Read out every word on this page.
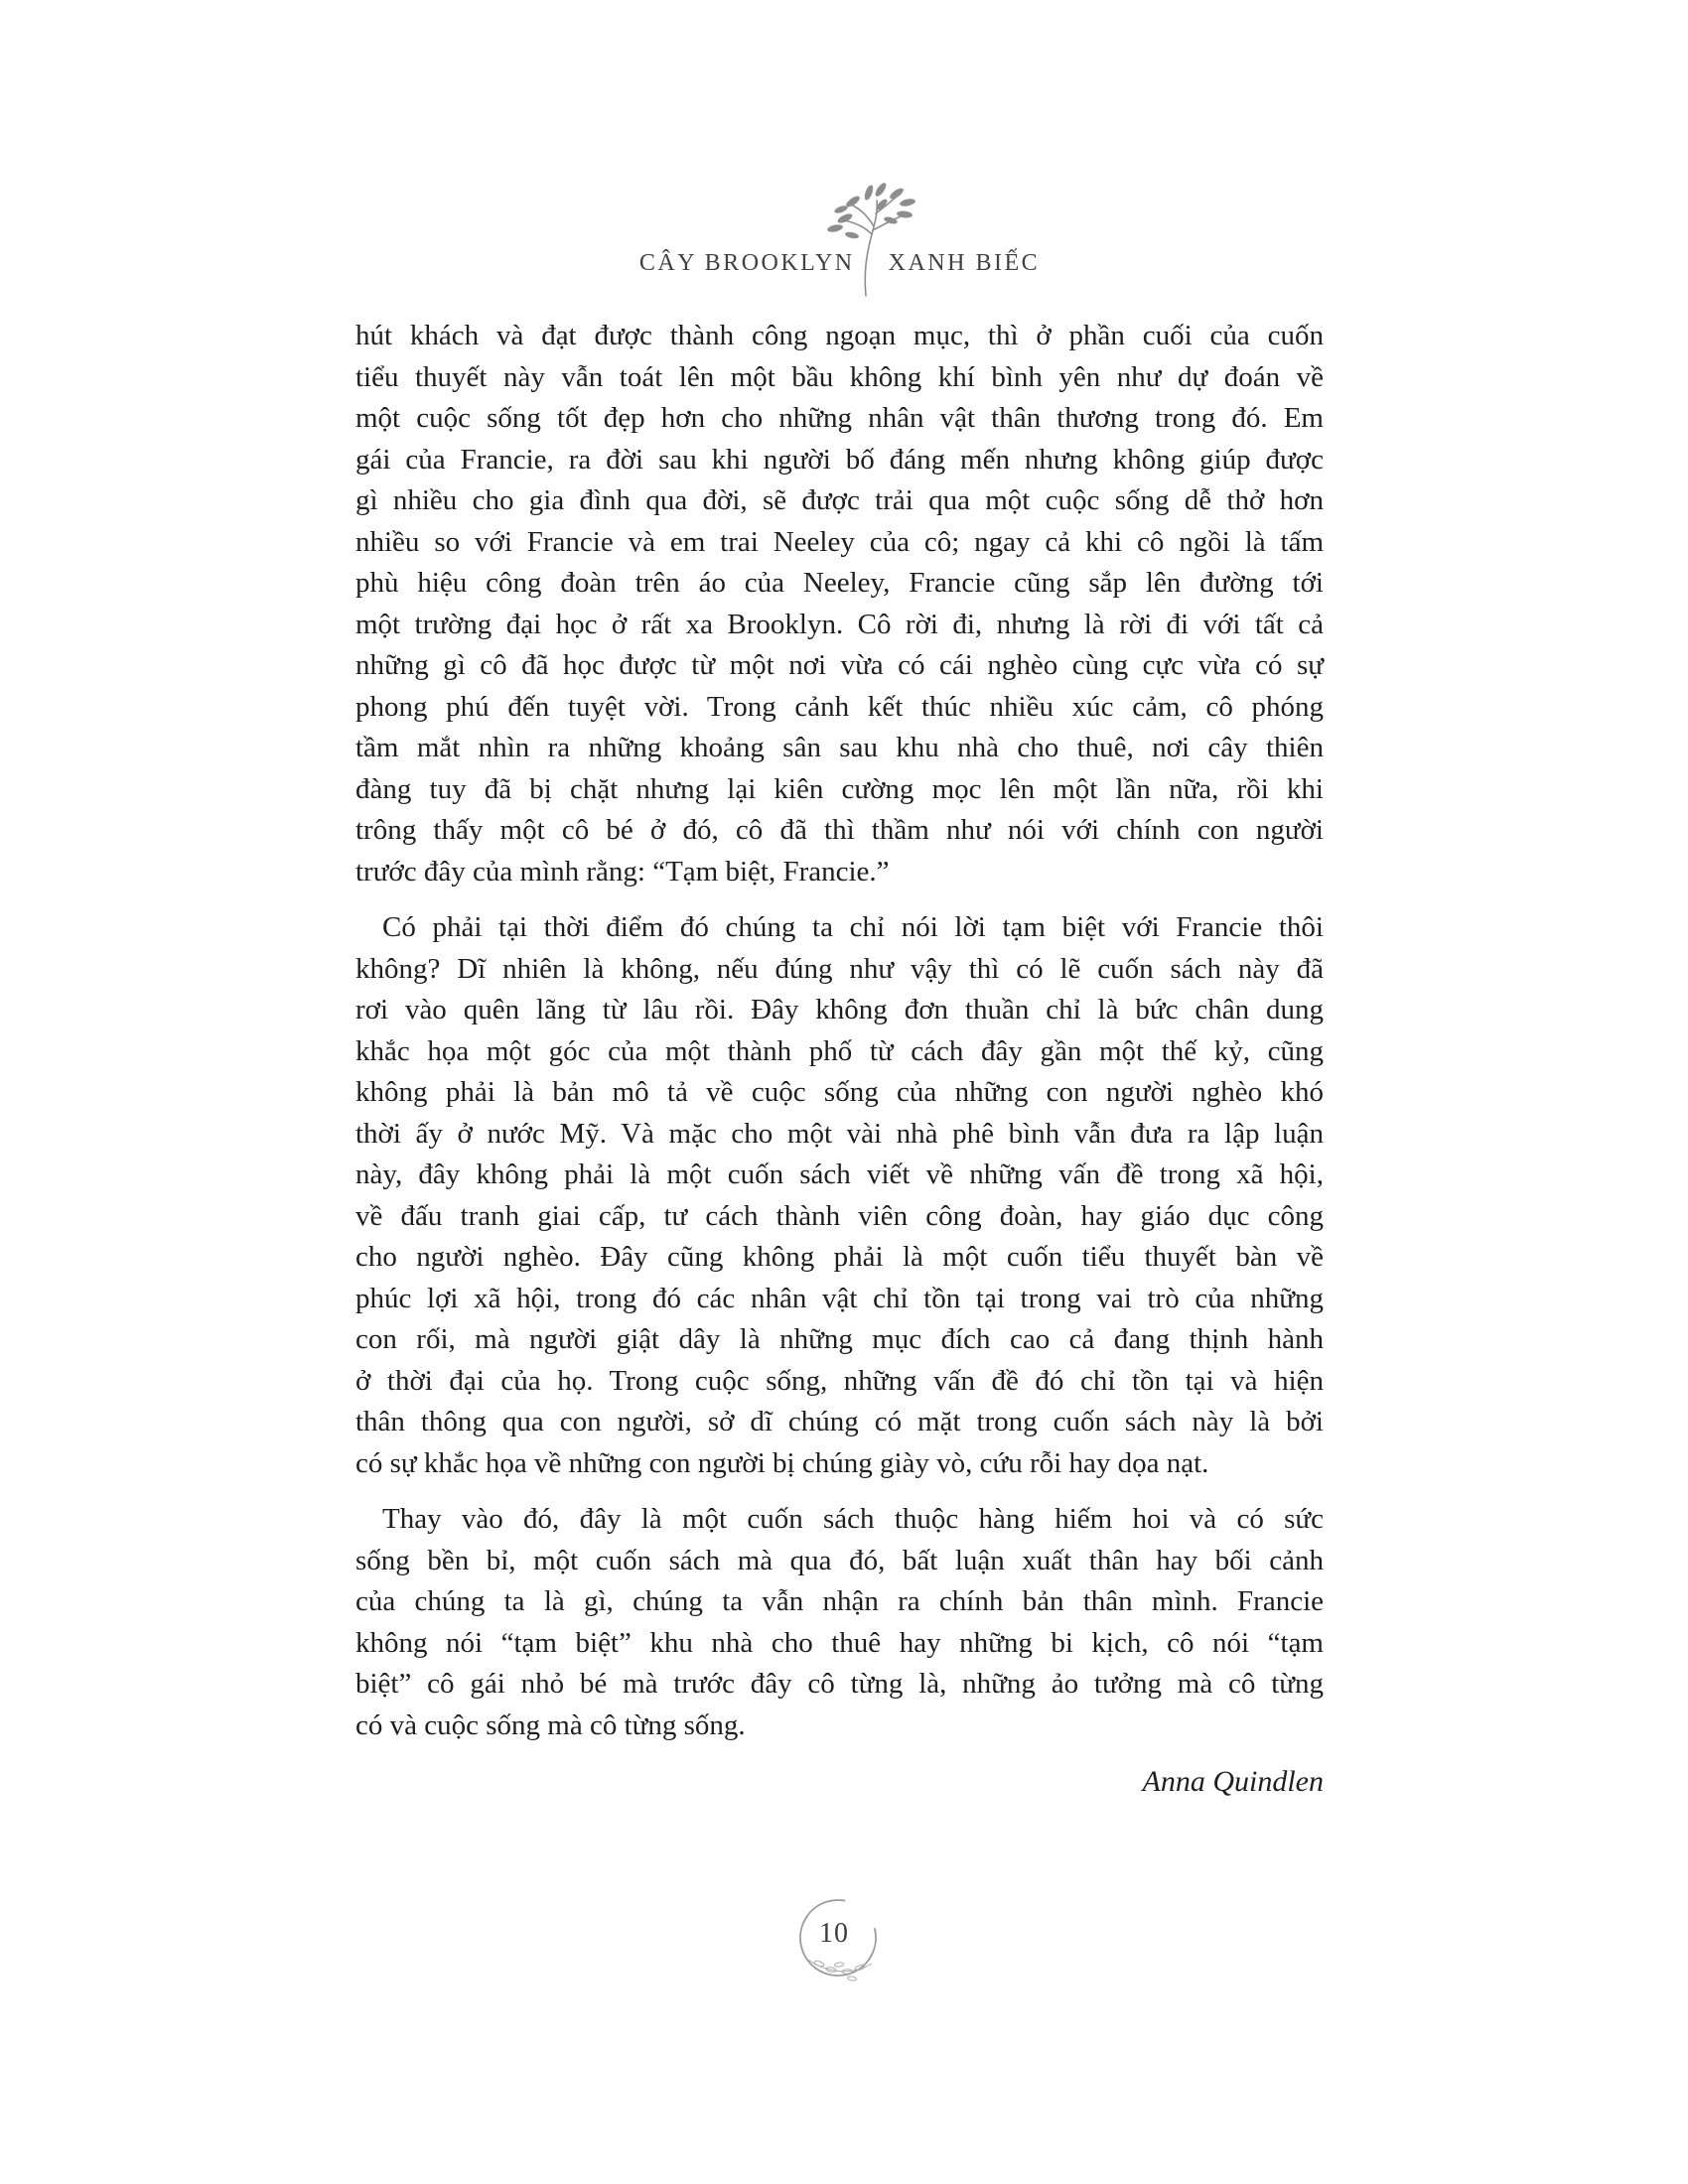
CÂY BROOKLYN XANH BIẾC
hút khách và đạt được thành công ngoạn mục, thì ở phần cuối của cuốn
tiểu thuyết này vẫn toát lên một bầu không khí bình yên như dự đoán về
một cuộc sống tốt đẹp hơn cho những nhân vật thân thương trong đó. Em
gái của Francie, ra đời sau khi người bố đáng mến nhưng không giúp được
gì nhiều cho gia đình qua đời, sẽ được trải qua một cuộc sống dễ thở hơn
nhiều so với Francie và em trai Neeley của cô; ngay cả khi cô ngồi là tấm
phù hiệu công đoàn trên áo của Neeley, Francie cũng sắp lên đường tới
một trường đại học ở rất xa Brooklyn. Cô rời đi, nhưng là rời đi với tất cả
những gì cô đã học được từ một nơi vừa có cái nghèo cùng cực vừa có sự
phong phú đến tuyệt vời. Trong cảnh kết thúc nhiều xúc cảm, cô phóng
tầm mắt nhìn ra những khoảng sân sau khu nhà cho thuê, nơi cây thiên
đàng tuy đã bị chặt nhưng lại kiên cường mọc lên một lần nữa, rồi khi
trông thấy một cô bé ở đó, cô đã thì thầm như nói với chính con người
trước đây của mình rằng: “Tạm biệt, Francie.”
Có phải tại thời điểm đó chúng ta chỉ nói lời tạm biệt với Francie thôi
không? Dĩ nhiên là không, nếu đúng như vậy thì có lẽ cuốn sách này đã
rơi vào quên lãng từ lâu rồi. Đây không đơn thuần chỉ là bức chân dung
khắc họa một góc của một thành phố từ cách đây gần một thế kỷ, cũng
không phải là bản mô tả về cuộc sống của những con người nghèo khó
thời ấy ở nước Mỹ. Và mặc cho một vài nhà phê bình vẫn đưa ra lập luận
này, đây không phải là một cuốn sách viết về những vấn đề trong xã hội,
về đấu tranh giai cấp, tư cách thành viên công đoàn, hay giáo dục công
cho người nghèo. Đây cũng không phải là một cuốn tiểu thuyết bàn về
phúc lợi xã hội, trong đó các nhân vật chỉ tồn tại trong vai trò của những
con rối, mà người giật dây là những mục đích cao cả đang thịnh hành
ở thời đại của họ. Trong cuộc sống, những vấn đề đó chỉ tồn tại và hiện
thân thông qua con người, sở dĩ chúng có mặt trong cuốn sách này là bởi
có sự khắc họa về những con người bị chúng giày vò, cứu rỗi hay dọa nạt.
Thay vào đó, đây là một cuốn sách thuộc hàng hiếm hoi và có sức
sống bền bỉ, một cuốn sách mà qua đó, bất luận xuất thân hay bối cảnh
của chúng ta là gì, chúng ta vẫn nhận ra chính bản thân mình. Francie
không nói “tạm biệt” khu nhà cho thuê hay những bi kịch, cô nói “tạm
biệt” cô gái nhỏ bé mà trước đây cô từng là, những ảo tưởng mà cô từng
có và cuộc sống mà cô từng sống.
Anna Quindlen
10
